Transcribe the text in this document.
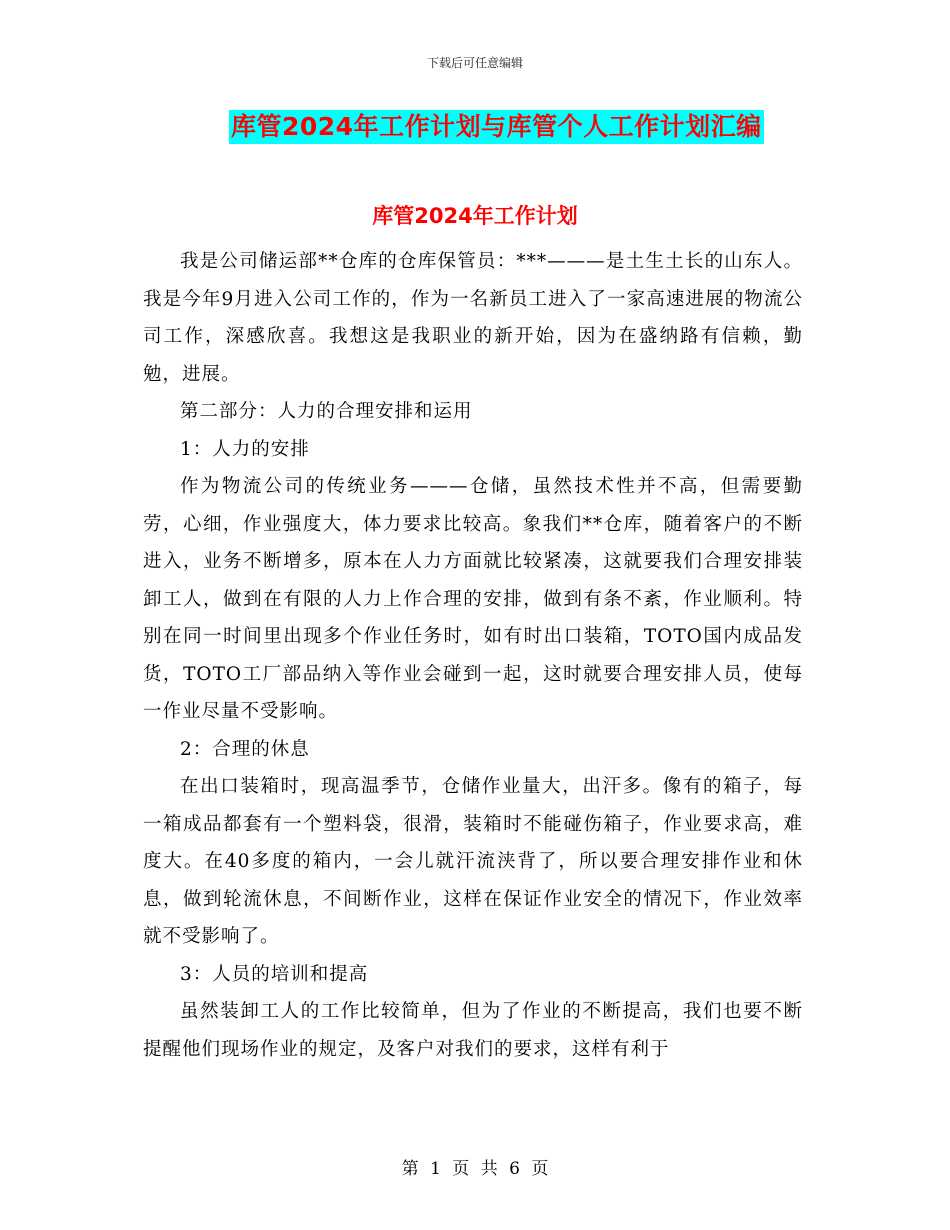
下载后可任意编辑
库管2024年工作计划与库管个人工作计划汇编
库管2024年工作计划

我是公司储运部**仓库的仓库保管员：***———是土生土长的山东人。我是今年9月进入公司工作的，作为一名新员工进入了一家高速进展的物流公司工作，深感欣喜。我想这是我职业的新开始，因为在盛纳路有信赖，勤勉，进展。

第二部分：人力的合理安排和运用

1：人力的安排

作为物流公司的传统业务———仓储，虽然技术性并不高，但需要勤劳，心细，作业强度大，体力要求比较高。象我们**仓库，随着客户的不断进入，业务不断增多，原本在人力方面就比较紧凑，这就要我们合理安排装卸工人，做到在有限的人力上作合理的安排，做到有条不紊，作业顺利。特别在同一时间里出现多个作业任务时，如有时出口装箱，TOTO国内成品发货，TOTO工厂部品纳入等作业会碰到一起，这时就要合理安排人员，使每一作业尽量不受影响。

2：合理的休息

在出口装箱时，现高温季节，仓储作业量大，出汗多。像有的箱子，每一箱成品都套有一个塑料袋，很滑，装箱时不能碰伤箱子，作业要求高，难度大。在40多度的箱内，一会儿就汗流浃背了，所以要合理安排作业和休息，做到轮流休息，不间断作业，这样在保证作业安全的情况下，作业效率就不受影响了。

3：人员的培训和提高

虽然装卸工人的工作比较简单，但为了作业的不断提高，我们也要不断提醒他们现场作业的规定，及客户对我们的要求，这样有利于

第 1 页 共 6 页
